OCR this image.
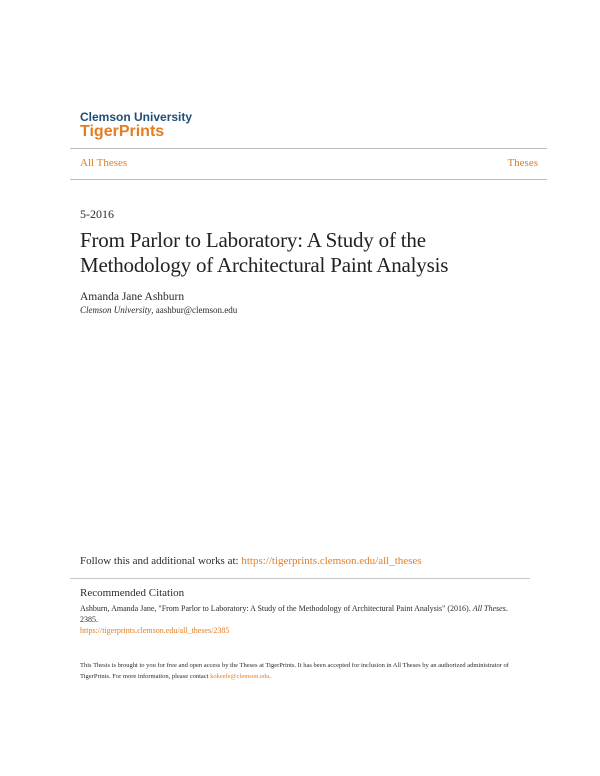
Clemson University
TigerPrints
All Theses	Theses
5-2016
From Parlor to Laboratory: A Study of the Methodology of Architectural Paint Analysis
Amanda Jane Ashburn
Clemson University, aashbur@clemson.edu
Follow this and additional works at: https://tigerprints.clemson.edu/all_theses
Recommended Citation
Ashburn, Amanda Jane, "From Parlor to Laboratory: A Study of the Methodology of Architectural Paint Analysis" (2016). All Theses. 2385.
https://tigerprints.clemson.edu/all_theses/2385
This Thesis is brought to you for free and open access by the Theses at TigerPrints. It has been accepted for inclusion in All Theses by an authorized administrator of TigerPrints. For more information, please contact kokeefe@clemson.edu.
